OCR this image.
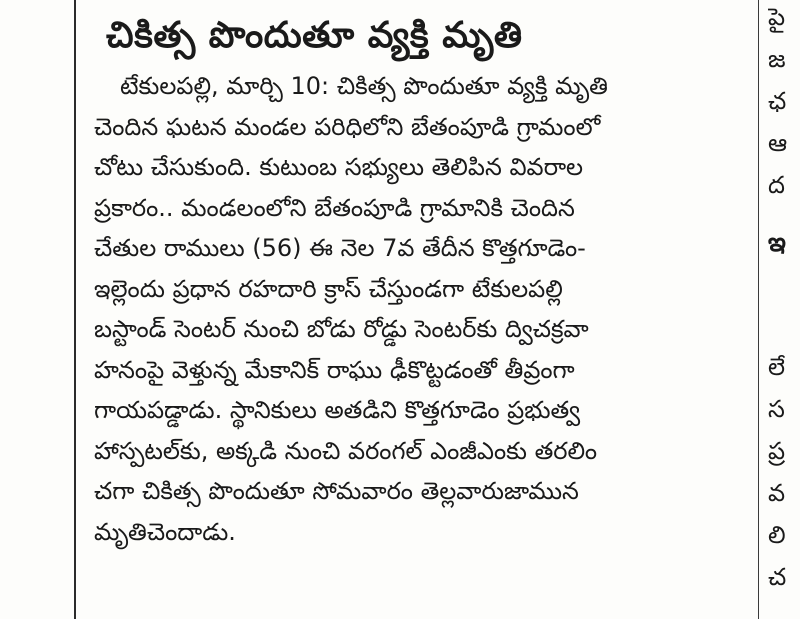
చికిత్స పొందుతూ వ్యక్తి మృతి
టేకులపల్లి, మార్చి 10: చికిత్స పొందుతూ వ్యక్తి మృతి
చెందిన ఘటన మండల పరిధిలోని బేతంపూడి గ్రామంలో
చోటు చేసుకుంది. కుటుంబ సభ్యులు తెలిపిన వివరాల
ప్రకారం.. మండలంలోని బేతంపూడి గ్రామానికి చెందిన
చేతుల రాములు (56) ఈ నెల 7వ తేదీన కొత్తగూడెం-
ఇల్లెందు ప్రధాన రహదారి క్రాస్ చేస్తుండగా టేకులపల్లి
బస్టాండ్ సెంటర్ నుంచి బోడు రోడ్డు సెంటర్‌కు ద్విచక్రవా
హనంపై వెళ్తున్న మేకానిక్ రాఘు ఢీకొట్టడంతో తీవ్రంగా
గాయపడ్డాడు. స్థానికులు అతడిని కొత్తగూడెం ప్రభుత్వ
హాస్పటల్‌కు, అక్కడి నుంచి వరంగల్ ఎంజీఎంకు తరలిం
చగా చికిత్స పొందుతూ సోమవారం తెల్లవారుజామున
మృతిచెందాడు.
పై
జ
ఛ
ఆ
ద
ఇ
లే
స
ప్ర
వ
లి
చ
